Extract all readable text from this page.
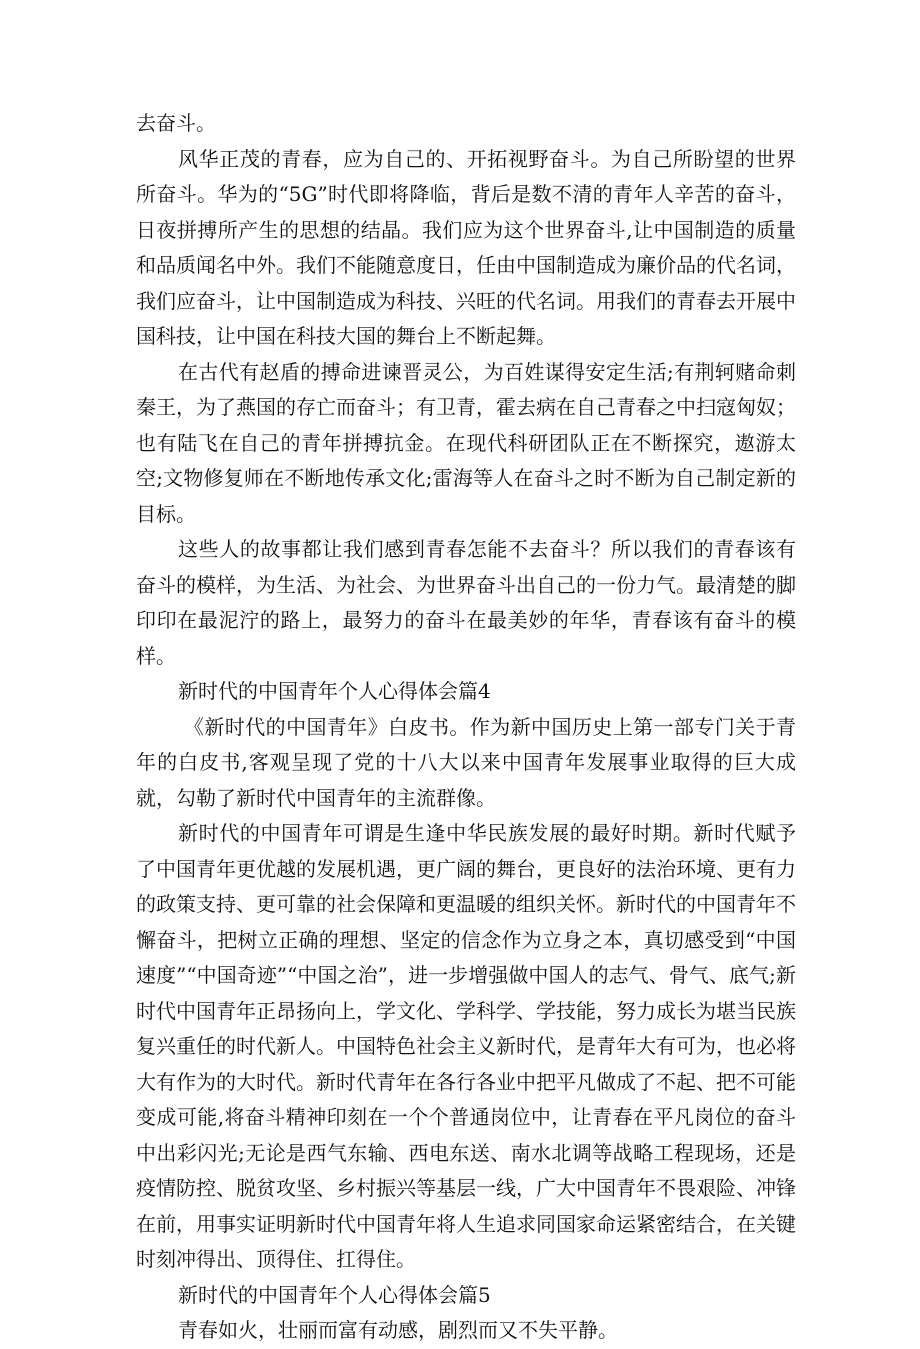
去奋斗。

风华正茂的青春，应为自己的、开拓视野奋斗。为自己所盼望的世界所奋斗。华为的“5G”时代即将降临，背后是数不清的青年人辛苦的奋斗，日夜拼搏所产生的思想的结晶。我们应为这个世界奋斗,让中国制造的质量和品质闻名中外。我们不能随意度日，任由中国制造成为廉价品的代名词，我们应奋斗，让中国制造成为科技、兴旺的代名词。用我们的青春去开展中国科技，让中国在科技大国的舞台上不断起舞。

在古代有赵盾的搏命进谏晋灵公，为百姓谋得安定生活;有荆轲赌命刺秦王，为了燕国的存亡而奋斗；有卫青，霍去病在自己青春之中扫寇匈奴；也有陆飞在自己的青年拼搏抗金。在现代科研团队正在不断探究，遨游太空;文物修复师在不断地传承文化;雷海等人在奋斗之时不断为自己制定新的目标。

这些人的故事都让我们感到青春怎能不去奋斗？所以我们的青春该有奋斗的模样，为生活、为社会、为世界奋斗出自己的一份力气。最清楚的脚印印在最泥泞的路上，最努力的奋斗在最美妙的年华，青春该有奋斗的模样。

新时代的中国青年个人心得体会篇4

《新时代的中国青年》白皮书。作为新中国历史上第一部专门关于青年的白皮书,客观呈现了党的十八大以来中国青年发展事业取得的巨大成就，勾勒了新时代中国青年的主流群像。

新时代的中国青年可谓是生逢中华民族发展的最好时期。新时代赋予了中国青年更优越的发展机遇，更广阔的舞台，更良好的法治环境、更有力的政策支持、更可靠的社会保障和更温暖的组织关怀。新时代的中国青年不懈奋斗，把树立正确的理想、坚定的信念作为立身之本，真切感受到“中国速度”“中国奇迹”“中国之治”，进一步增强做中国人的志气、骨气、底气;新时代中国青年正昂扬向上，学文化、学科学、学技能，努力成长为堪当民族复兴重任的时代新人。中国特色社会主义新时代，是青年大有可为，也必将大有作为的大时代。新时代青年在各行各业中把平凡做成了不起、把不可能变成可能,将奋斗精神印刻在一个个普通岗位中，让青春在平凡岗位的奋斗中出彩闪光;无论是西气东输、西电东送、南水北调等战略工程现场，还是疫情防控、脱贫攻坚、乡村振兴等基层一线，广大中国青年不畏艰险、冲锋在前，用事实证明新时代中国青年将人生追求同国家命运紧密结合，在关键时刻冲得出、顶得住、扛得住。

新时代的中国青年个人心得体会篇5

青春如火，壮丽而富有动感，剧烈而又不失平静。
